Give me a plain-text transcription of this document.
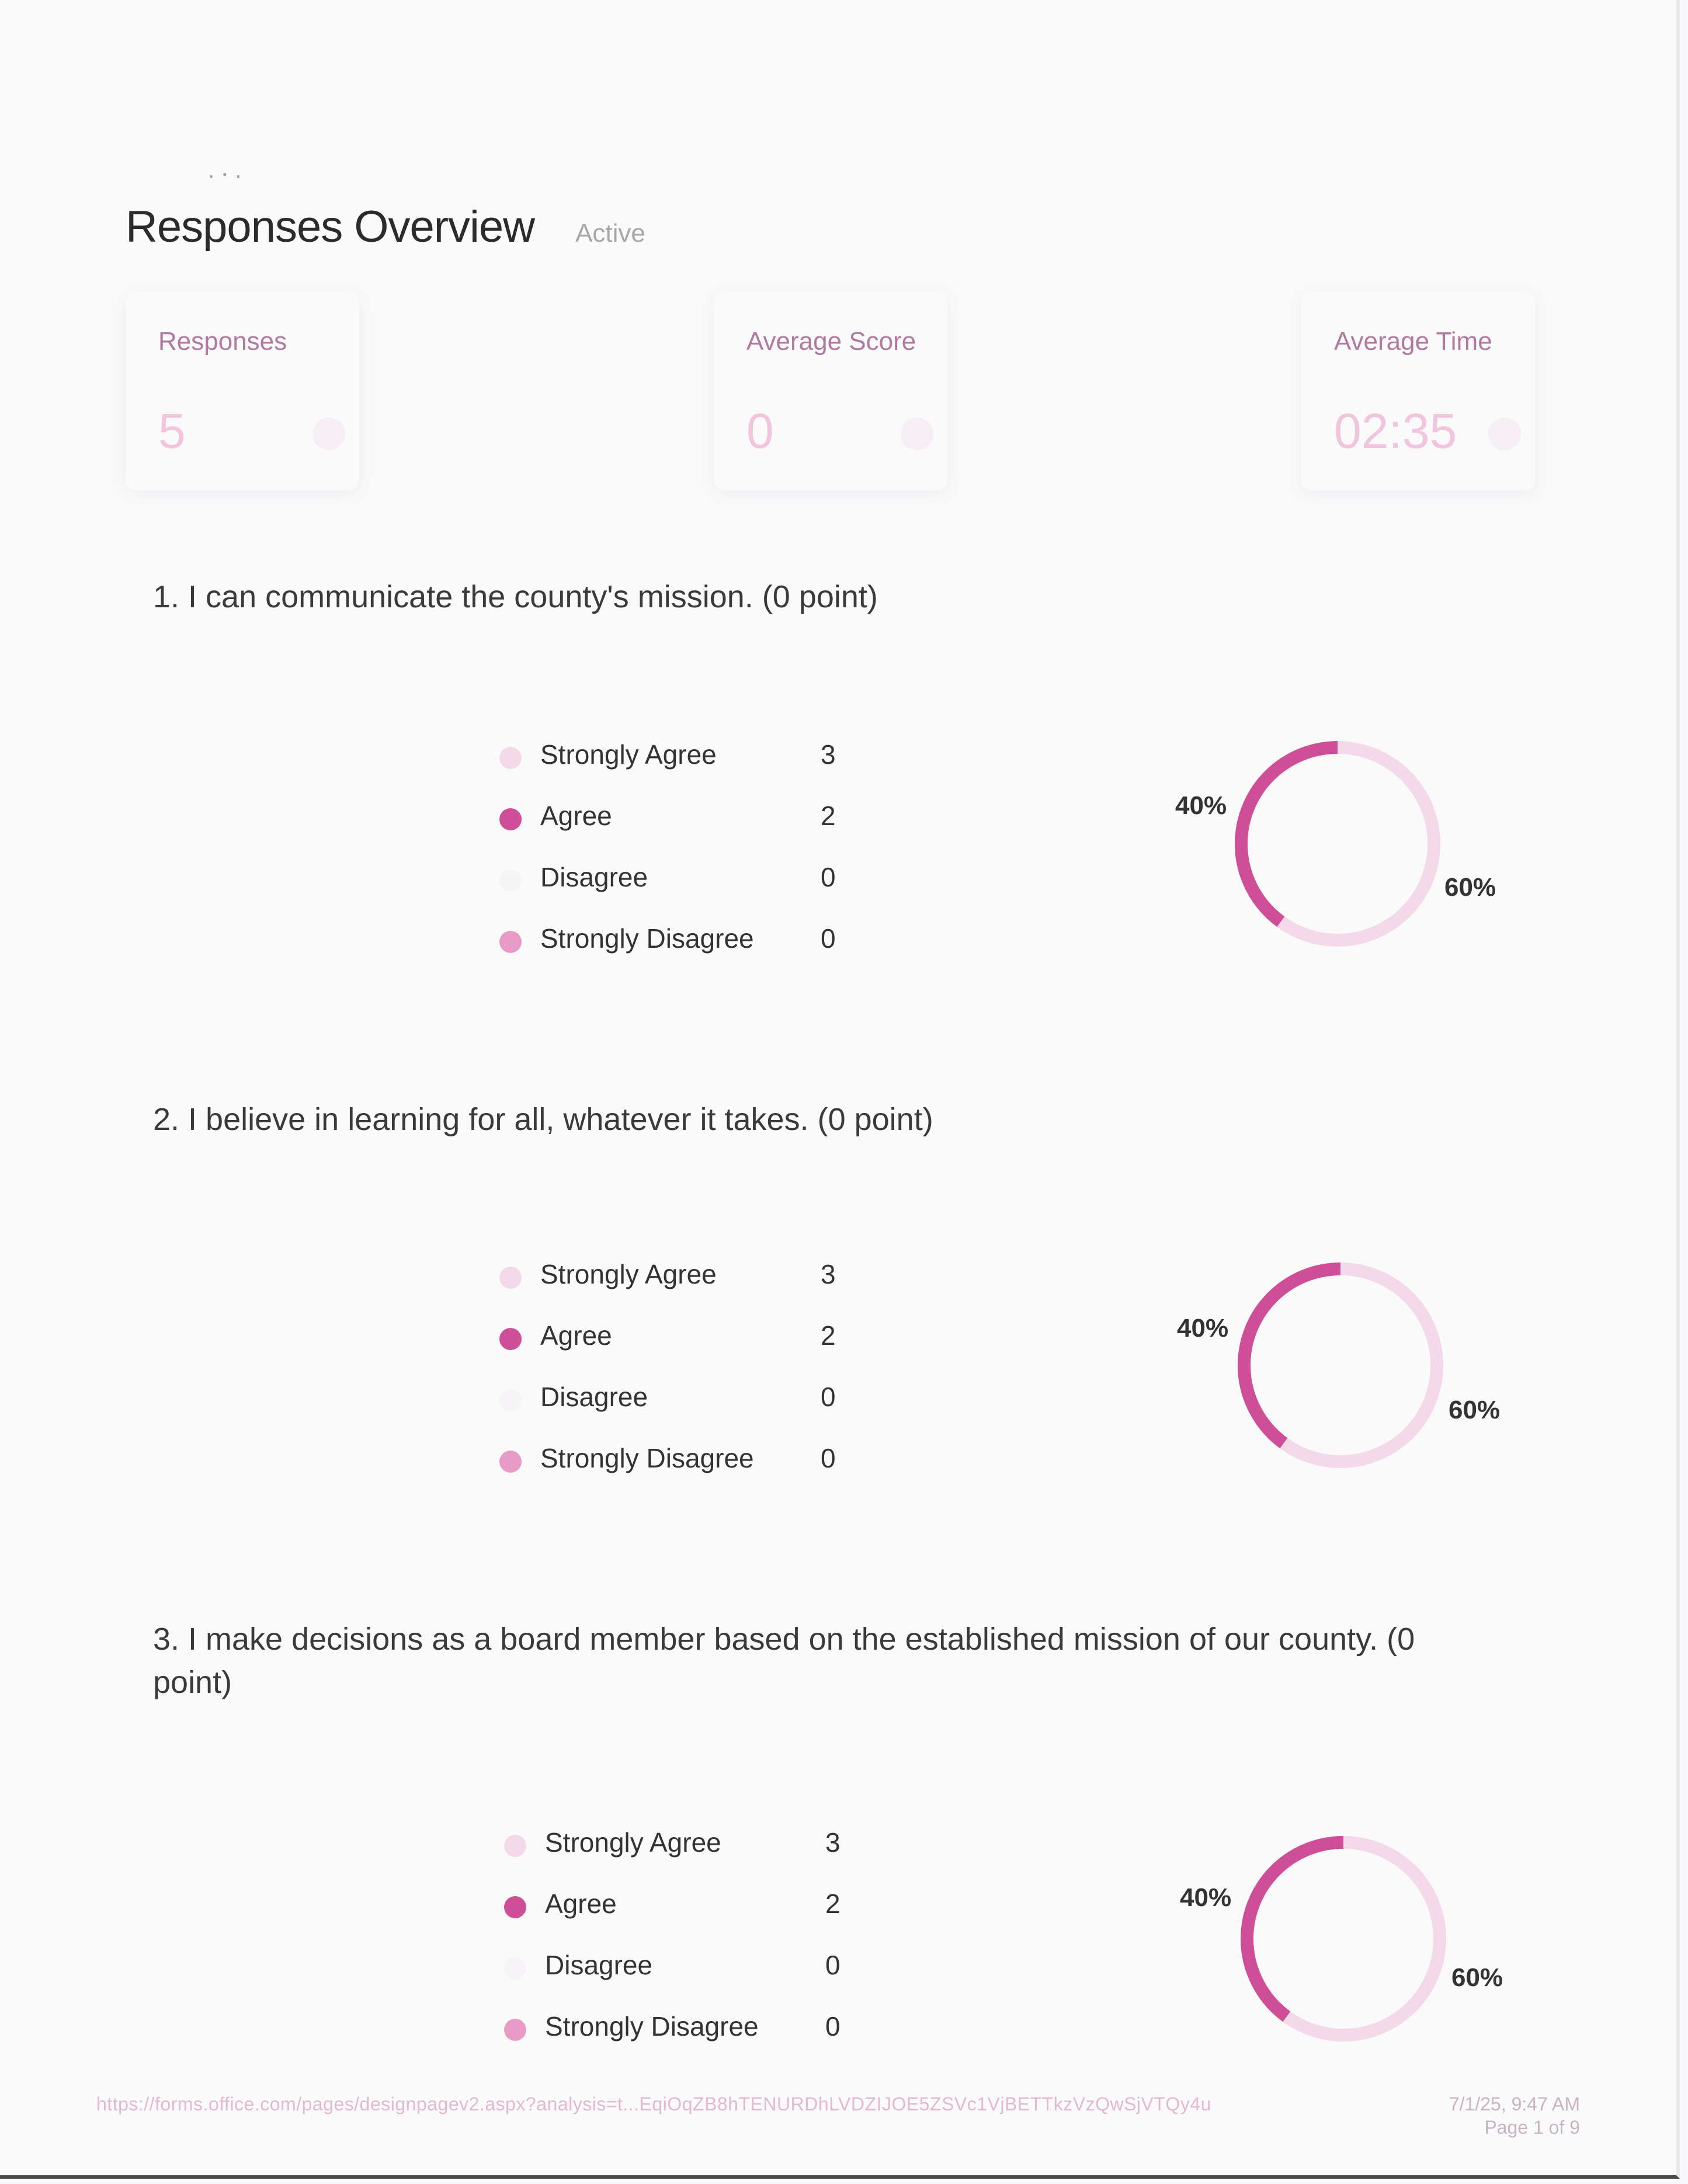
· ⸱ ·
Responses Overview Active
Responses
5
Average Score
0
Average Time
02:35
1. I can communicate the county's mission. (0 point)
Strongly Agree	3
Agree	2
Disagree	0
Strongly Disagree 0
40%
60%
2. I believe in learning for all, whatever it takes. (0 point)
Strongly Agree	3
Agree	2
Disagree	0
Strongly Disagree 0
40%
60%
3. I make decisions as a board member based on the established mission of our county. (0 point)
Strongly Agree	3
Agree	2
Disagree	0
Strongly Disagree 0
40%
60%
https://forms.office.com/pages/designpagev2.aspx?analysis=t...EqiOqZB8hTENURDhLVDZIJOE5ZSVc1VjBETTkzVzQwSjVTQy4u	7/1/25, 9:47 AM
Page 1 of 9
